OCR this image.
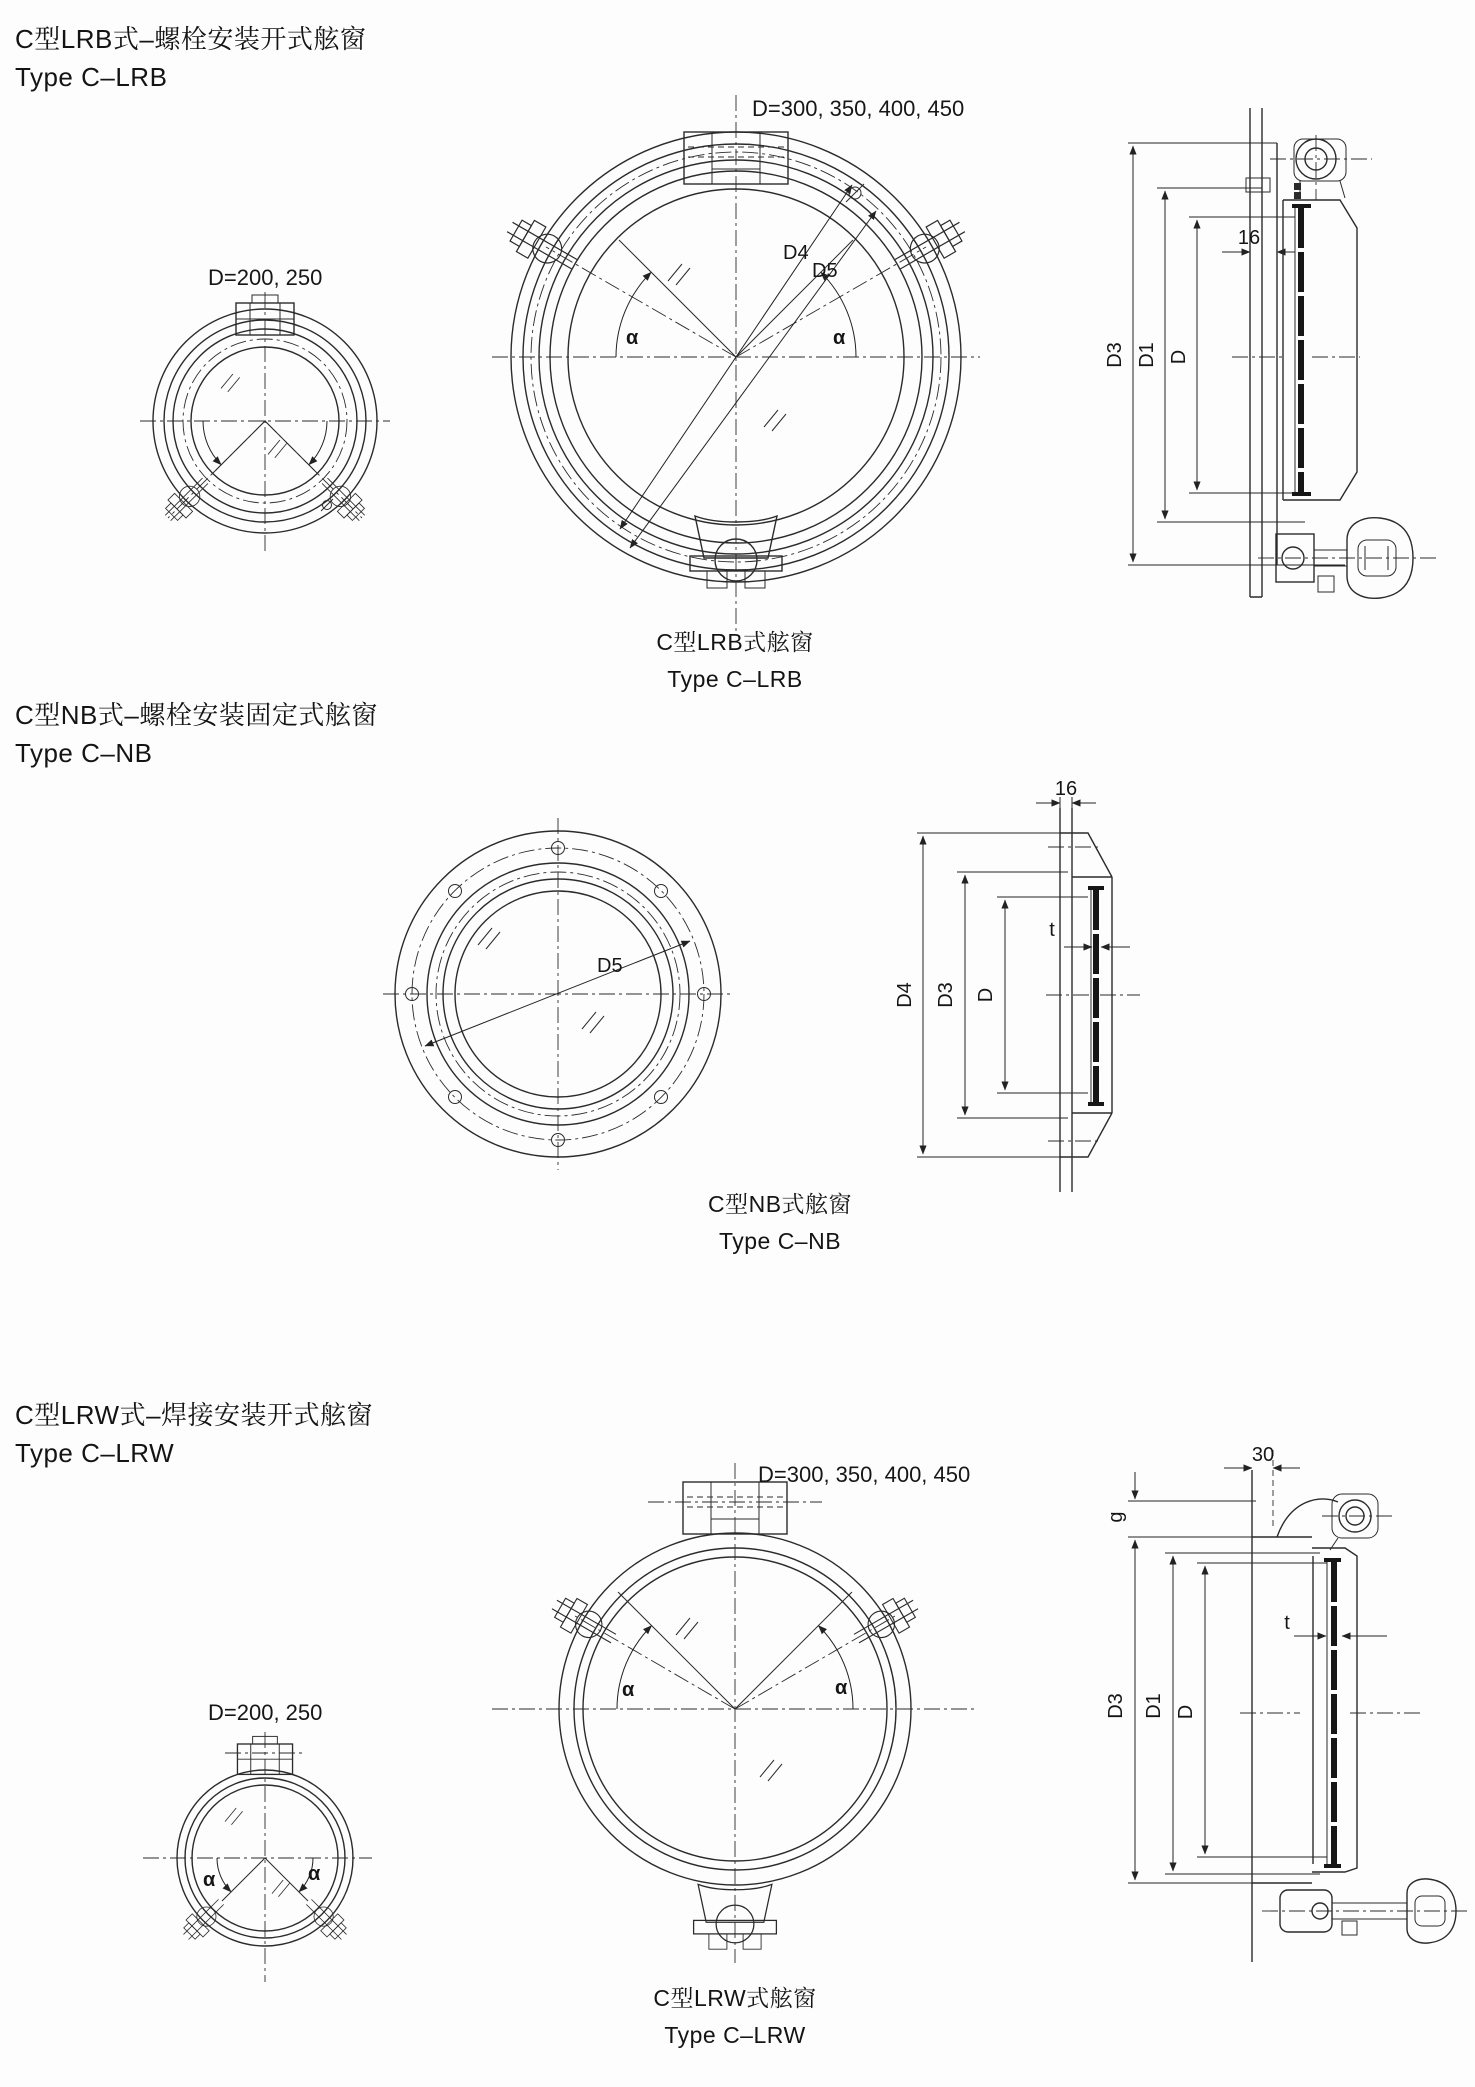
C型LRB式–螺栓安装开式舷窗
Type C–LRB
C型NB式–螺栓安装固定式舷窗
Type C–NB
C型LRW式–焊接安装开式舷窗
Type C–LRW
C型LRB式舷窗
Type C–LRB
C型NB式舷窗
Type C–NB
C型LRW式舷窗
Type C–LRW
D=200, 250
D=300, 350, 400, 450
D4
D5
α	α
16
D3 D1 D
D5
16
t
D4 D3 D
D=300, 350, 400, 450
α	α
D=200, 250
α	α
30
g
t
D3 D1 D
